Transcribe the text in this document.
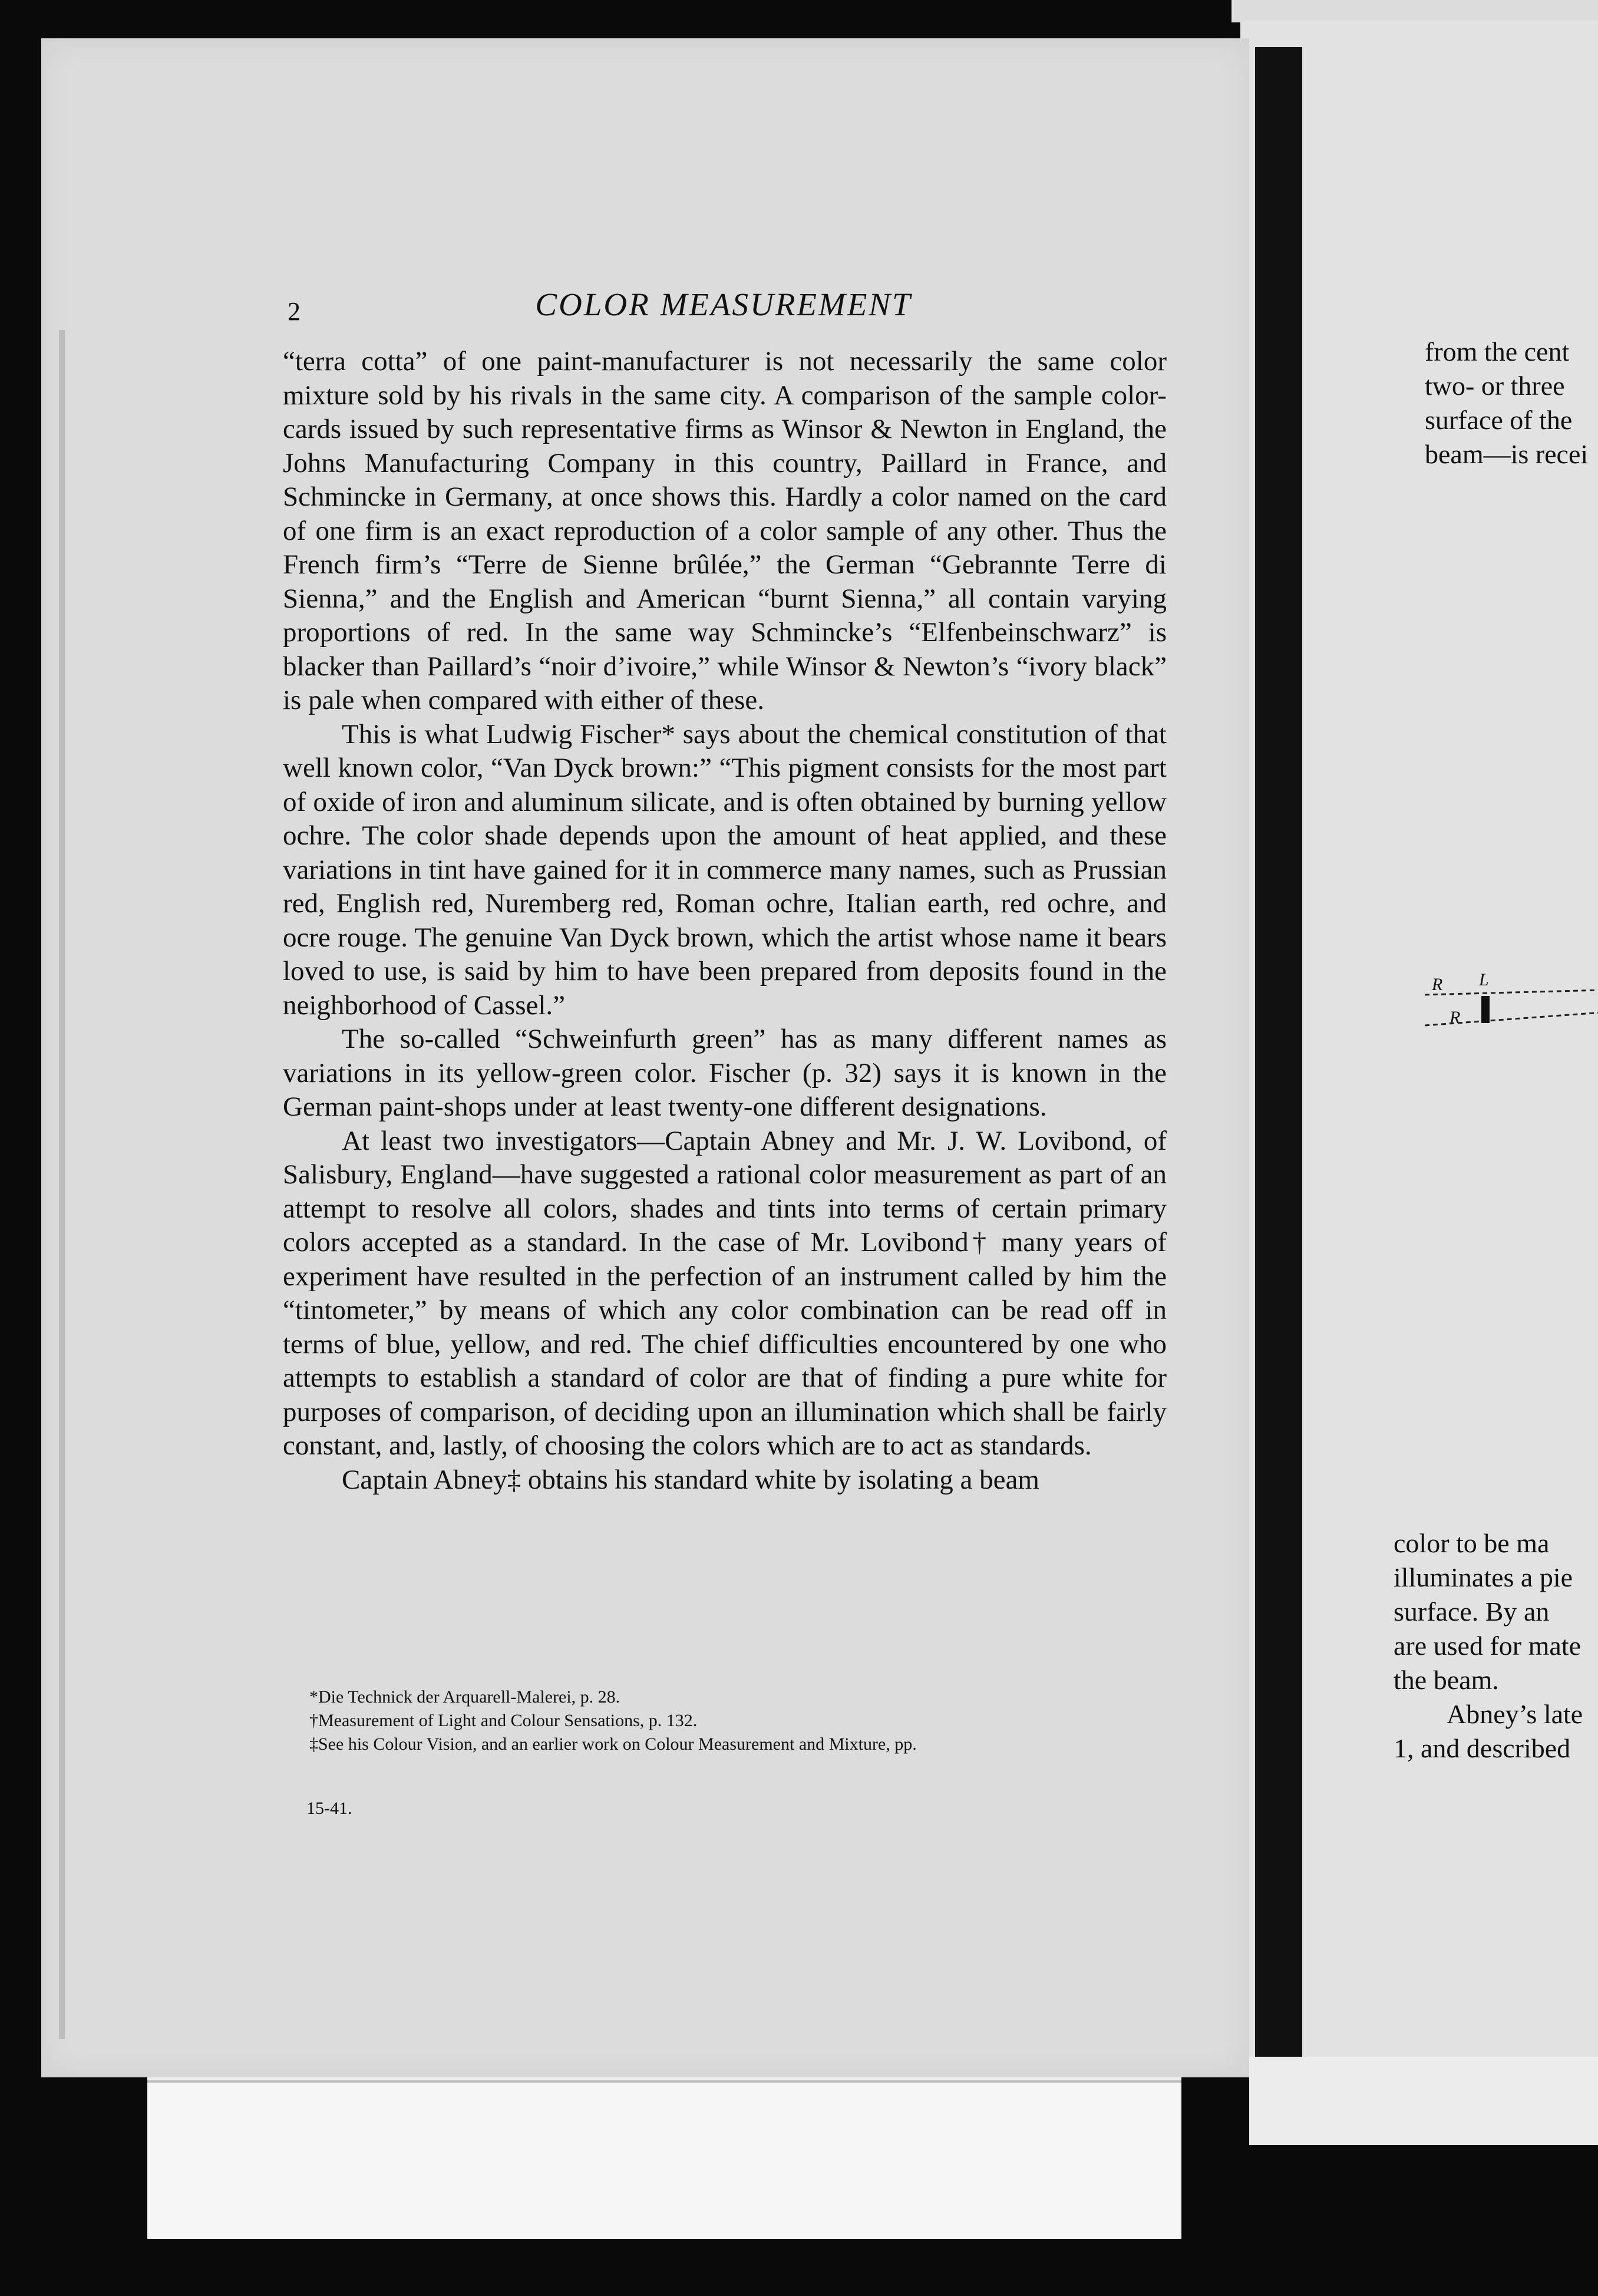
2	COLOR MEASUREMENT

“terra cotta” of one paint-manufacturer is not necessarily the same color mixture sold by his rivals in the same city. A comparison of the sample color-cards issued by such representative firms as Winsor & Newton in England, the Johns Manufacturing Company in this country, Paillard in France, and Schmincke in Germany, at once shows this. Hardly a color named on the card of one firm is an exact reproduction of a color sample of any other. Thus the French firm’s “Terre de Sienne brûlée,” the German “Gebrannte Terre di Sienna,” and the English and American “burnt Sienna,” all contain varying proportions of red. In the same way Schmincke’s “Elfenbeinschwarz” is blacker than Paillard’s “noir d’ivoire,” while Winsor & Newton’s “ivory black” is pale when compared with either of these.

This is what Ludwig Fischer* says about the chemical constitution of that well known color, “Van Dyck brown:” “This pigment consists for the most part of oxide of iron and aluminum silicate, and is often obtained by burning yellow ochre. The color shade depends upon the amount of heat applied, and these variations in tint have gained for it in commerce many names, such as Prussian red, English red, Nuremberg red, Roman ochre, Italian earth, red ochre, and ocre rouge. The genuine Van Dyck brown, which the artist whose name it bears loved to use, is said by him to have been prepared from deposits found in the neighborhood of Cassel.”

The so-called “Schweinfurth green” has as many different names as variations in its yellow-green color. Fischer (p. 32) says it is known in the German paint-shops under at least twenty-one different designations.

At least two investigators—Captain Abney and Mr. J. W. Lovibond, of Salisbury, England—have suggested a rational color measurement as part of an attempt to resolve all colors, shades and tints into terms of certain primary colors accepted as a standard. In the case of Mr. Lovibond† many years of experiment have resulted in the perfection of an instrument called by him the “tintometer,” by means of which any color combination can be read off in terms of blue, yellow, and red. The chief difficulties encountered by one who attempts to establish a standard of color are that of finding a pure white for purposes of comparison, of deciding upon an illumination which shall be fairly constant, and, lastly, of choosing the colors which are to act as standards.

Captain Abney‡ obtains his standard white by isolating a beam

*Die Technick der Arquarell-Malerei, p. 28.
†Measurement of Light and Colour Sensations, p. 132.
‡See his Colour Vision, and an earlier work on Colour Measurement and Mixture, pp.
15-41.
from the cent
two- or three
surface of the
beam—is recei
R L
R
color to be ma
illuminates a pie
surface. By an
are used for mate
the beam.
Abney’s late
1, and described
